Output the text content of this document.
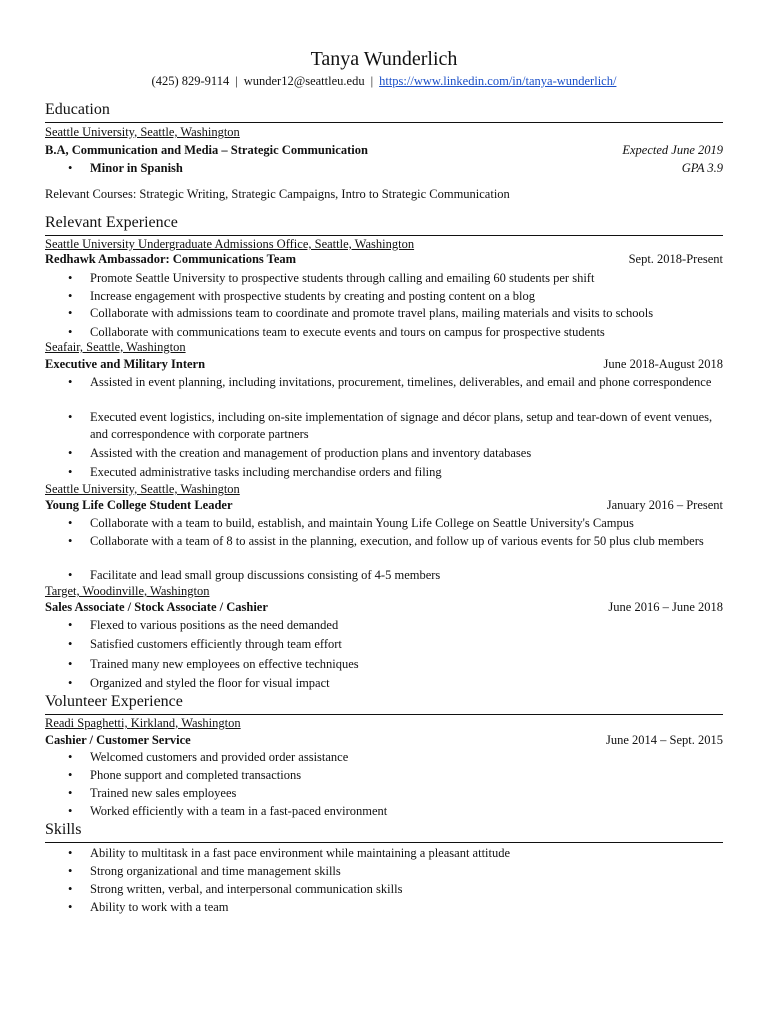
Tanya Wunderlich
(425) 829-9114 | wunder12@seattleu.edu | https://www.linkedin.com/in/tanya-wunderlich/
Education
Seattle University, Seattle, Washington
B.A, Communication and Media – Strategic Communication	Expected June 2019
•	Minor in Spanish	GPA 3.9
Relevant Courses: Strategic Writing, Strategic Campaigns, Intro to Strategic Communication
Relevant Experience
Seattle University Undergraduate Admissions Office, Seattle, Washington
Redhawk Ambassador: Communications Team	Sept. 2018-Present
•	Promote Seattle University to prospective students through calling and emailing 60 students per shift
•	Increase engagement with prospective students by creating and posting content on a blog
•	Collaborate with admissions team to coordinate and promote travel plans, mailing materials and visits to schools
•	Collaborate with communications team to execute events and tours on campus for prospective students
Seafair, Seattle, Washington
Executive and Military Intern	June 2018-August 2018
•	Assisted in event planning, including invitations, procurement, timelines, deliverables, and email and phone correspondence
•	Executed event logistics, including on-site implementation of signage and décor plans, setup and tear-down of event venues, and correspondence with corporate partners
•	Assisted with the creation and management of production plans and inventory databases
•	Executed administrative tasks including merchandise orders and filing
Seattle University, Seattle, Washington
Young Life College Student Leader	January 2016 – Present
•	Collaborate with a team to build, establish, and maintain Young Life College on Seattle University's Campus
•	Collaborate with a team of 8 to assist in the planning, execution, and follow up of various events for 50 plus club members
•	Facilitate and lead small group discussions consisting of 4-5 members
Target, Woodinville, Washington
Sales Associate / Stock Associate / Cashier	June 2016 – June 2018
•	Flexed to various positions as the need demanded
•	Satisfied customers efficiently through team effort
•	Trained many new employees on effective techniques
•	Organized and styled the floor for visual impact
Volunteer Experience
Readi Spaghetti, Kirkland, Washington
Cashier / Customer Service	June 2014 – Sept. 2015
•	Welcomed customers and provided order assistance
•	Phone support and completed transactions
•	Trained new sales employees
•	Worked efficiently with a team in a fast-paced environment
Skills
•	Ability to multitask in a fast pace environment while maintaining a pleasant attitude
•	Strong organizational and time management skills
•	Strong written, verbal, and interpersonal communication skills
•	Ability to work with a team
